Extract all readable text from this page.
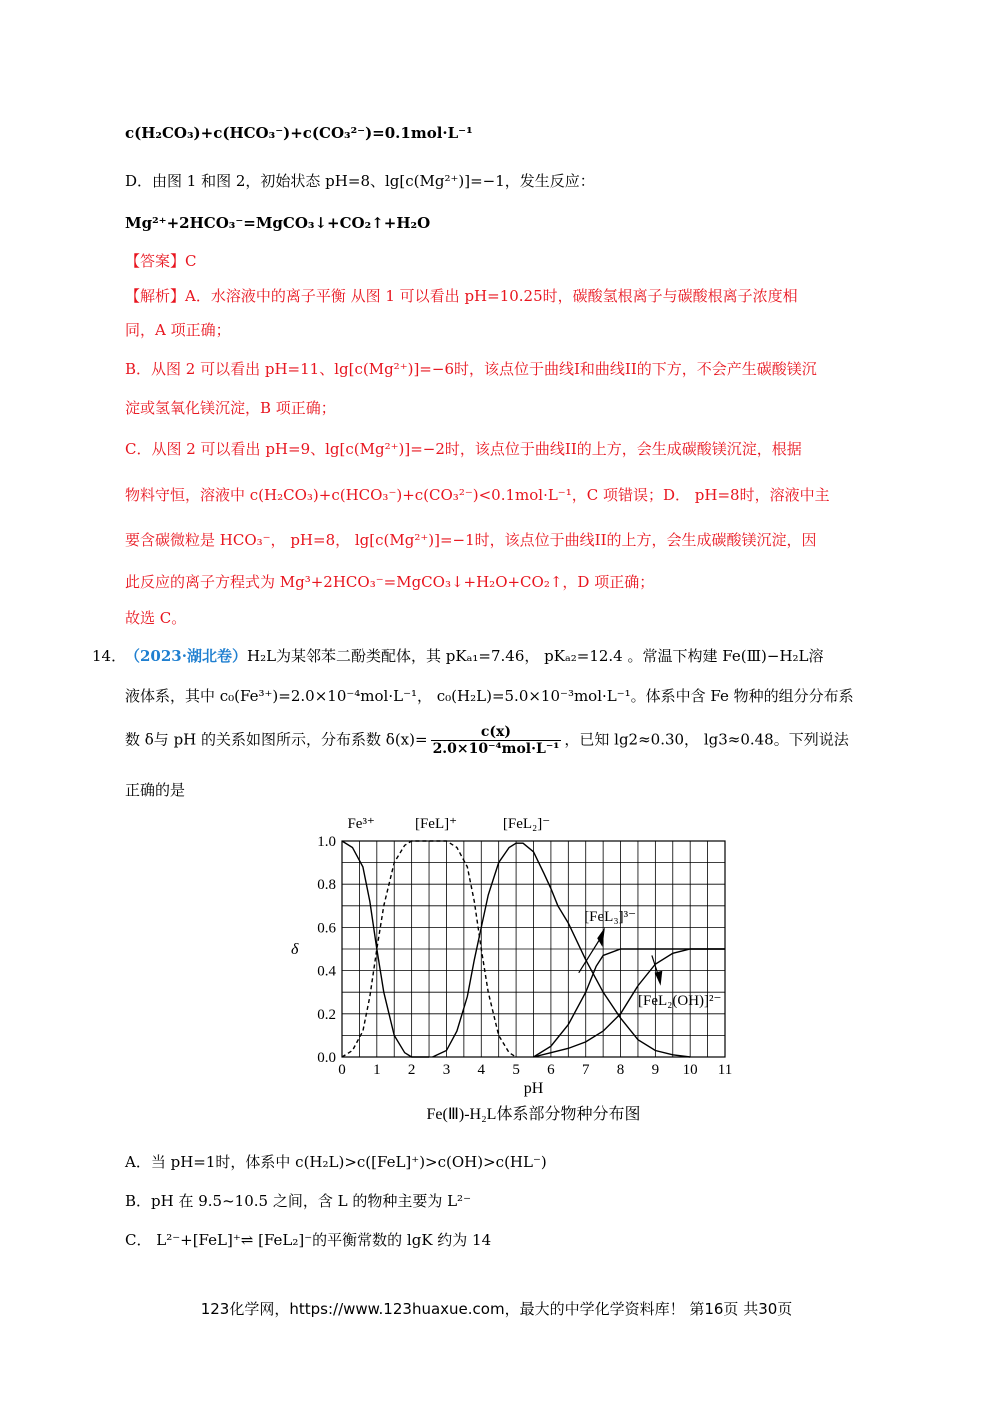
c(H₂CO₃)+c(HCO₃⁻)+c(CO₃²⁻)=0.1mol·L⁻¹
D．由图 1 和图 2，初始状态 pH=8、lg[c(Mg²⁺)]=−1，发生反应：
Mg²⁺+2HCO₃⁻=MgCO₃↓+CO₂↑+H₂O
【答案】C
【解析】A．水溶液中的离子平衡 从图 1 可以看出 pH=10.25时，碳酸氢根离子与碳酸根离子浓度相
同，A 项正确；
B．从图 2 可以看出 pH=11、lg[c(Mg²⁺)]=−6时，该点位于曲线I和曲线II的下方，不会产生碳酸镁沉
淀或氢氧化镁沉淀，B 项正确；
C．从图 2 可以看出 pH=9、lg[c(Mg²⁺)]=−2时，该点位于曲线II的上方，会生成碳酸镁沉淀，根据
物料守恒，溶液中 c(H₂CO₃)+c(HCO₃⁻)+c(CO₃²⁻)<0.1mol·L⁻¹，C 项错误；D． pH=8时，溶液中主
要含碳微粒是 HCO₃⁻， pH=8， lg[c(Mg²⁺)]=−1时，该点位于曲线II的上方，会生成碳酸镁沉淀，因
此反应的离子方程式为 Mg³+2HCO₃⁻=MgCO₃↓+H₂O+CO₂↑，D 项正确；
故选 C。
14．
（2023·湖北卷）H₂L为某邻苯二酚类配体，其 pKₐ₁=7.46， pKₐ₂=12.4 。常温下构建 Fe(Ⅲ)−H₂L溶
液体系，其中 c₀(Fe³⁺)=2.0×10⁻⁴mol·L⁻¹， c₀(H₂L)=5.0×10⁻³mol·L⁻¹。体系中含 Fe 物种的组分分布系
数 δ与 pH 的关系如图所示，分布系数 $\delta(x)= \frac{c(x)}{\text{2.0×10⁻⁴mol·L⁻¹}}$ ，已知 lg2≈0.30， lg3≈0.48。下列说法
正确的是
0 1 2 3 4 5 6 7 8 9 10 11
0.0
0.2
0.4
0.6
0.8
1.0
pH
δ
Fe³⁺	[FeL]⁺	[FeL₂]⁻
[FeL₃]³⁻
[FeL₂(OH)]²⁻
Fe(Ⅲ)-H₂L体系部分物种分布图
A．当 pH=1时，体系中 c(H₂L)>c([FeL]⁺)>c(OH)>c(HL⁻)
B．pH 在 9.5~10.5 之间，含 L 的物种主要为 L²⁻
C． L²⁻+[FeL]⁺⇌ [FeL₂]⁻的平衡常数的 lgK 约为 14
123化学网，https://www.123huaxue.com，最大的中学化学资料库！ 第16页 共30页
